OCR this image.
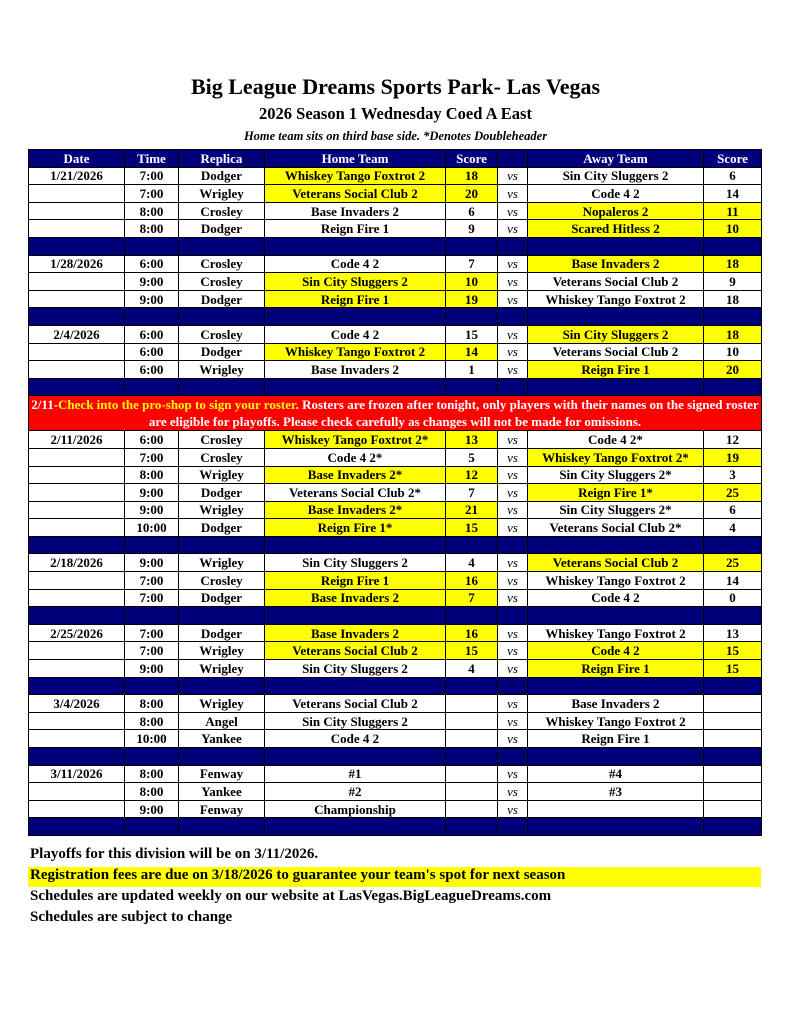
Big League Dreams Sports Park- Las Vegas
2026 Season 1 Wednesday Coed A East
Home team sits on third base side. *Denotes Doubleheader
Date	Time	Replica	Home Team	Score		Away Team	Score
1/21/2026	7:00	Dodger	Whiskey Tango Foxtrot 2	18	vs	Sin City Sluggers 2	6
	7:00	Wrigley	Veterans Social Club 2	20	vs	Code 4 2	14
	8:00	Crosley	Base Invaders 2	6	vs	Nopaleros 2	11
	8:00	Dodger	Reign Fire 1	9	vs	Scared Hitless 2	10

1/28/2026	6:00	Crosley	Code 4 2	7	vs	Base Invaders 2	18
	9:00	Crosley	Sin City Sluggers 2	10	vs	Veterans Social Club 2	9
	9:00	Dodger	Reign Fire 1	19	vs	Whiskey Tango Foxtrot 2	18

2/4/2026	6:00	Crosley	Code 4 2	15	vs	Sin City Sluggers 2	18
	6:00	Dodger	Whiskey Tango Foxtrot 2	14	vs	Veterans Social Club 2	10
	6:00	Wrigley	Base Invaders 2	1	vs	Reign Fire 1	20

2/11-Check into the pro-shop to sign your roster. Rosters are frozen after tonight, only players with their names on the signed roster are eligible for playoffs. Please check carefully as changes will not be made for omissions.							
2/11/2026	6:00	Crosley	Whiskey Tango Foxtrot 2*	13	vs	Code 4 2*	12
	7:00	Crosley	Code 4 2*	5	vs	Whiskey Tango Foxtrot 2*	19
	8:00	Wrigley	Base Invaders 2*	12	vs	Sin City Sluggers 2*	3
	9:00	Dodger	Veterans Social Club 2*	7	vs	Reign Fire 1*	25
	9:00	Wrigley	Base Invaders 2*	21	vs	Sin City Sluggers 2*	6
	10:00	Dodger	Reign Fire 1*	15	vs	Veterans Social Club 2*	4

2/18/2026	9:00	Wrigley	Sin City Sluggers 2	4	vs	Veterans Social Club 2	25
	7:00	Crosley	Reign Fire 1	16	vs	Whiskey Tango Foxtrot 2	14
	7:00	Dodger	Base Invaders 2	7	vs	Code 4 2	0

2/25/2026	7:00	Dodger	Base Invaders 2	16	vs	Whiskey Tango Foxtrot 2	13
	7:00	Wrigley	Veterans Social Club 2	15	vs	Code 4 2	15
	9:00	Wrigley	Sin City Sluggers 2	4	vs	Reign Fire 1	15

3/4/2026	8:00	Wrigley	Veterans Social Club 2		vs	Base Invaders 2	
	8:00	Angel	Sin City Sluggers 2		vs	Whiskey Tango Foxtrot 2	
	10:00	Yankee	Code 4 2		vs	Reign Fire 1	

3/11/2026	8:00	Fenway	#1		vs	#4	
	8:00	Yankee	#2		vs	#3	
	9:00	Fenway	Championship		vs		

Playoffs for this division will be on 3/11/2026.
Registration fees are due on 3/18/2026 to guarantee your team's spot for next season
Schedules are updated weekly on our website at LasVegas.BigLeagueDreams.com
Schedules are subject to change
